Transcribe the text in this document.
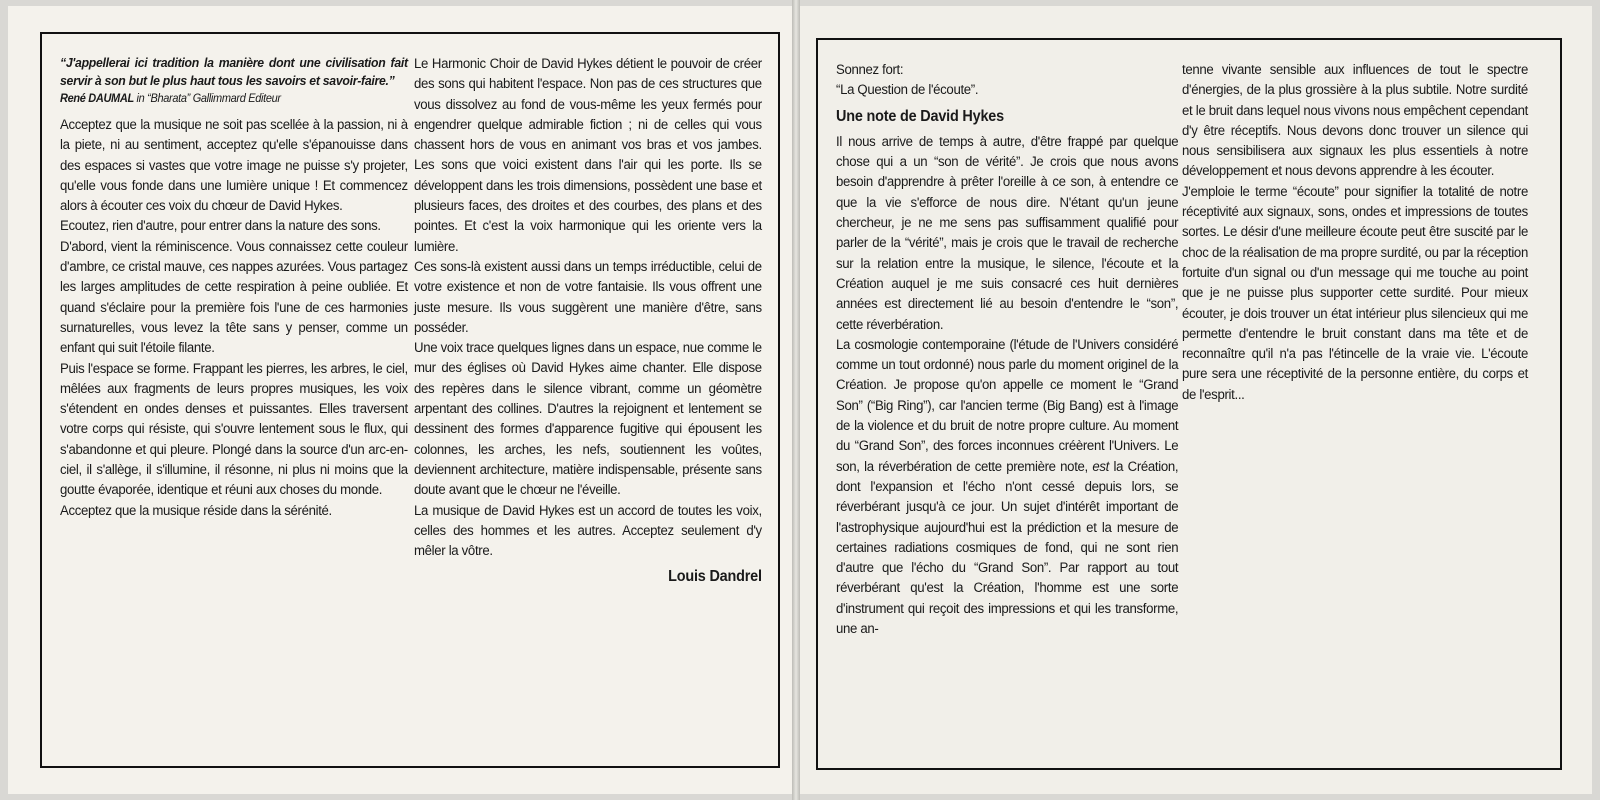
“J'appellerai ici tradition la manière dont une civilisation fait servir à son but le plus haut tous les savoirs et savoir-faire.”

René DAUMAL in “Bharata” Gallimmard Editeur

Acceptez que la musique ne soit pas scellée à la passion, ni à la piete, ni au sentiment, acceptez qu'elle s'épanouisse dans des espaces si vastes que votre image ne puisse s'y projeter, qu'elle vous fonde dans une lumière unique ! Et commencez alors à écouter ces voix du chœur de David Hykes.

Ecoutez, rien d'autre, pour entrer dans la nature des sons.

D'abord, vient la réminiscence. Vous connaissez cette couleur d'ambre, ce cristal mauve, ces nappes azurées. Vous partagez les larges amplitudes de cette respiration à peine oubliée. Et quand s'éclaire pour la première fois l'une de ces harmonies surnaturelles, vous levez la tête sans y penser, comme un enfant qui suit l'étoile filante.

Puis l'espace se forme. Frappant les pierres, les arbres, le ciel, mêlées aux fragments de leurs propres musiques, les voix s'étendent en ondes denses et puissantes. Elles traversent votre corps qui résiste, qui s'ouvre lentement sous le flux, qui s'abandonne et qui pleure. Plongé dans la source d'un arc-en-ciel, il s'allège, il s'illumine, il résonne, ni plus ni moins que la goutte évaporée, identique et réuni aux choses du monde.

Acceptez que la musique réside dans la sérénité.

Le Harmonic Choir de David Hykes détient le pouvoir de créer des sons qui habitent l'espace. Non pas de ces structures que vous dissolvez au fond de vous-même les yeux fermés pour engendrer quelque admirable fiction ; ni de celles qui vous chassent hors de vous en animant vos bras et vos jambes. Les sons que voici existent dans l'air qui les porte. Ils se développent dans les trois dimensions, possèdent une base et plusieurs faces, des droites et des courbes, des plans et des pointes. Et c'est la voix harmonique qui les oriente vers la lumière.

Ces sons-là existent aussi dans un temps irréductible, celui de votre existence et non de votre fantaisie. Ils vous offrent une juste mesure. Ils vous suggèrent une manière d'être, sans posséder.

Une voix trace quelques lignes dans un espace, nue comme le mur des églises où David Hykes aime chanter. Elle dispose des repères dans le silence vibrant, comme un géomètre arpentant des collines. D'autres la rejoignent et lentement se dessinent des formes d'apparence fugitive qui épousent les colonnes, les arches, les nefs, soutiennent les voûtes, deviennent architecture, matière indispensable, présente sans doute avant que le chœur ne l'éveille.

La musique de David Hykes est un accord de toutes les voix, celles des hommes et les autres. Acceptez seulement d'y mêler la vôtre.

Louis Dandrel

Sonnez fort:

“La Question de l'écoute”.

Une note de David Hykes

Il nous arrive de temps à autre, d'être frappé par quelque chose qui a un “son de vérité”. Je crois que nous avons besoin d'apprendre à prêter l'oreille à ce son, à entendre ce que la vie s'efforce de nous dire. N'étant qu'un jeune chercheur, je ne me sens pas suffisamment qualifié pour parler de la “vérité”, mais je crois que le travail de recherche sur la relation entre la musique, le silence, l'écoute et la Création auquel je me suis consacré ces huit dernières années est directement lié au besoin d'entendre le “son”, cette réverbération.

La cosmologie contemporaine (l'étude de l'Univers considéré comme un tout ordonné) nous parle du moment originel de la Création. Je propose qu'on appelle ce moment le “Grand Son” (“Big Ring”), car l'ancien terme (Big Bang) est à l'image de la violence et du bruit de notre propre culture. Au moment du “Grand Son”, des forces inconnues créèrent l'Univers. Le son, la réverbération de cette première note, est la Création, dont l'expansion et l'écho n'ont cessé depuis lors, se réverbérant jusqu'à ce jour. Un sujet d'intérêt important de l'astrophysique aujourd'hui est la prédiction et la mesure de certaines radiations cosmiques de fond, qui ne sont rien d'autre que l'écho du “Grand Son”. Par rapport au tout réverbérant qu'est la Création, l'homme est une sorte d'instrument qui reçoit des impressions et qui les transforme, une an-

tenne vivante sensible aux influences de tout le spectre d'énergies, de la plus grossière à la plus subtile. Notre surdité et le bruit dans lequel nous vivons nous empêchent cependant d'y être réceptifs. Nous devons donc trouver un silence qui nous sensibilisera aux signaux les plus essentiels à notre développement et nous devons apprendre à les écouter.

J'emploie le terme “écoute” pour signifier la totalité de notre réceptivité aux signaux, sons, ondes et impressions de toutes sortes. Le désir d'une meilleure écoute peut être suscité par le choc de la réalisation de ma propre surdité, ou par la réception fortuite d'un signal ou d'un message qui me touche au point que je ne puisse plus supporter cette surdité. Pour mieux écouter, je dois trouver un état intérieur plus silencieux qui me permette d'entendre le bruit constant dans ma tête et de reconnaître qu'il n'a pas l'étincelle de la vraie vie. L'écoute pure sera une réceptivité de la personne entière, du corps et de l'esprit...
